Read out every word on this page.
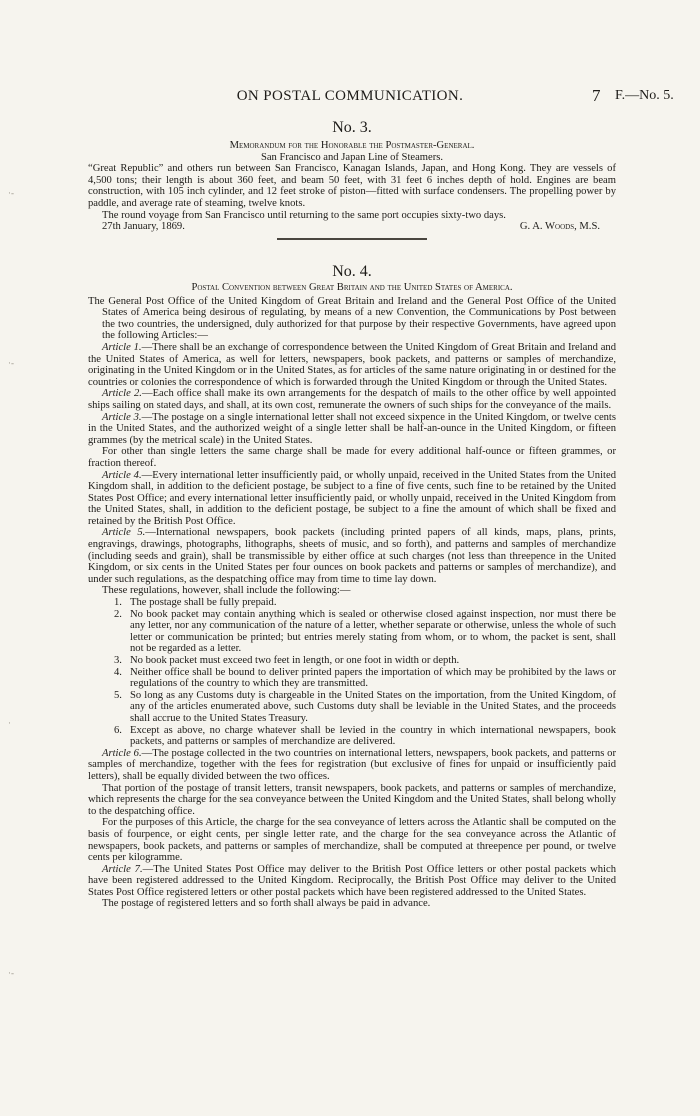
ON POSTAL COMMUNICATION.	7 F.—No. 5.
·-
·-
·
·-
No. 3.
Memorandum for the Honorable the Postmaster-General.
San Francisco and Japan Line of Steamers.

“Great Republic” and others run between San Francisco, Kanagan Islands, Japan, and Hong Kong. They are vessels of 4,500 tons; their length is about 360 feet, and beam 50 feet, with 31 feet 6 inches depth of hold. Engines are beam construction, with 105 inch cylinder, and 12 feet stroke of piston—fitted with surface condensers. The propelling power by paddle, and average rate of steaming, twelve knots.

The round voyage from San Francisco until returning to the same port occupies sixty-two days.

27th January, 1869.	G. A. Woods, M.S.
No. 4.
Postal Convention between Great Britain and the United States of America.

The General Post Office of the United Kingdom of Great Britain and Ireland and the General Post Office of the United States of America being desirous of regulating, by means of a new Convention, the Communications by Post between the two countries, the undersigned, duly authorized for that purpose by their respective Governments, have agreed upon the following Articles:—

Article 1.—There shall be an exchange of correspondence between the United Kingdom of Great Britain and Ireland and the United States of America, as well for letters, newspapers, book packets, and patterns or samples of merchandize, originating in the United Kingdom or in the United States, as for articles of the same nature originating in or destined for the countries or colonies the correspondence of which is forwarded through the United Kingdom or through the United States.

Article 2.—Each office shall make its own arrangements for the despatch of mails to the other office by well appointed ships sailing on stated days, and shall, at its own cost, remunerate the owners of such ships for the conveyance of the mails.

Article 3.—The postage on a single international letter shall not exceed sixpence in the United Kingdom, or twelve cents in the United States, and the authorized weight of a single letter shall be half-an-ounce in the United Kingdom, or fifteen grammes (by the metrical scale) in the United States.

For other than single letters the same charge shall be made for every additional half-ounce or fifteen grammes, or fraction thereof.

Article 4.—Every international letter insufficiently paid, or wholly unpaid, received in the United States from the United Kingdom shall, in addition to the deficient postage, be subject to a fine of five cents, such fine to be retained by the United States Post Office; and every international letter insufficiently paid, or wholly unpaid, received in the United Kingdom from the United States, shall, in addition to the deficient postage, be subject to a fine the amount of which shall be fixed and retained by the British Post Office.

Article 5.—International newspapers, book packets (including printed papers of all kinds, maps, plans, prints, engravings, drawings, photographs, lithographs, sheets of music, and so forth), and patterns and samples of merchandize (including seeds and grain), shall be transmissible by either office at such charges (not less than threepence in the United Kingdom, or six cents in the United States per four ounces on book packets and patterns or samples of merchandize), and under such regulations, as the despatching office may from time to time lay down.

These regulations, however, shall include the following:—

1. The postage shall be fully prepaid.
2. No book packet may contain anything which is sealed or otherwise closed against inspection, nor must there be any letter, nor any communication of the nature of a letter, whether separate or otherwise, unless the whole of such letter or communication be printed; but entries merely stating from whom, or to whom, the packet is sent, shall not be regarded as a letter.
3. No book packet must exceed two feet in length, or one foot in width or depth.
4. Neither office shall be bound to deliver printed papers the importation of which may be prohibited by the laws or regulations of the country to which they are transmitted.
5. So long as any Customs duty is chargeable in the United States on the importation, from the United Kingdom, of any of the articles enumerated above, such Customs duty shall be leviable in the United States, and the proceeds shall accrue to the United States Treasury.
6. Except as above, no charge whatever shall be levied in the country in which international newspapers, book packets, and patterns or samples of merchandize are delivered.

Article 6.—The postage collected in the two countries on international letters, newspapers, book packets, and patterns or samples of merchandize, together with the fees for registration (but exclusive of fines for unpaid or insufficiently paid letters), shall be equally divided between the two offices.

That portion of the postage of transit letters, transit newspapers, book packets, and patterns or samples of merchandize, which represents the charge for the sea conveyance between the United Kingdom and the United States, shall belong wholly to the despatching office.

For the purposes of this Article, the charge for the sea conveyance of letters across the Atlantic shall be computed on the basis of fourpence, or eight cents, per single letter rate, and the charge for the sea conveyance across the Atlantic of newspapers, book packets, and patterns or samples of merchandize, shall be computed at threepence per pound, or twelve cents per kilogramme.

Article 7.—The United States Post Office may deliver to the British Post Office letters or other postal packets which have been registered addressed to the United Kingdom. Reciprocally, the British Post Office may deliver to the United States Post Office registered letters or other postal packets which have been registered addressed to the United States.

The postage of registered letters and so forth shall always be paid in advance.
